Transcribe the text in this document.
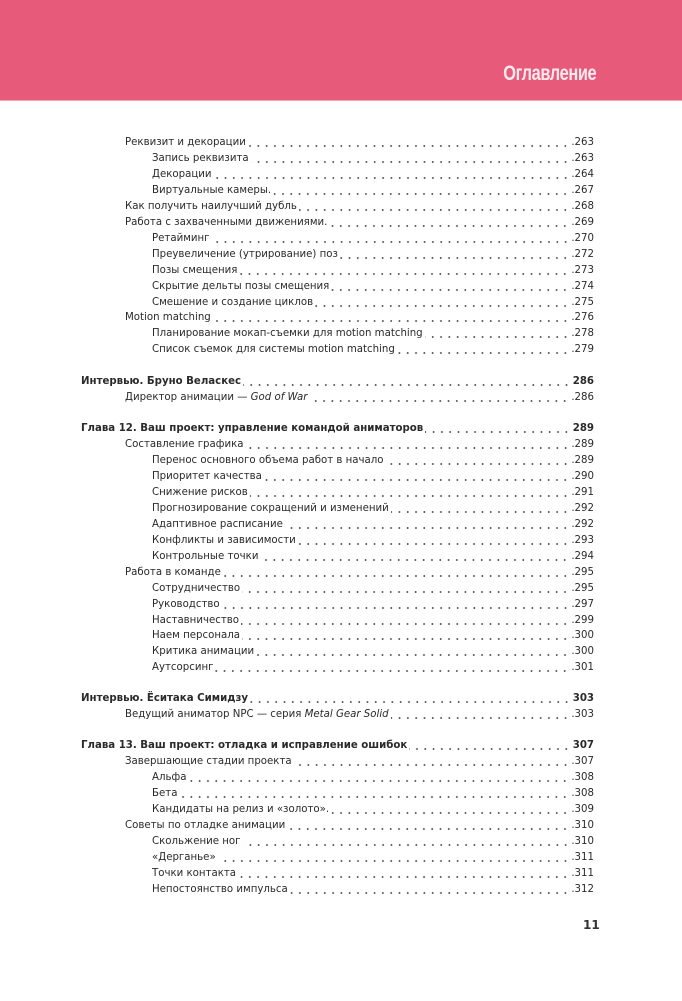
Оглавление
Реквизит и декорации	.263
Запись реквизита	.263
Декорации	.264
Виртуальные камеры.	.267
Как получить наилучший дубль	.268
Работа с захваченными движениями.	.269
Ретайминг	.270
Преувеличение (утрирование) поз	.272
Позы смещения	.273
Скрытие дельты позы смещения	.274
Смешение и создание циклов	.275
Motion matching	.276
Планирование мокап-съемки для motion matching	.278
Список съемок для системы motion matching	.279
Интервью. Бруно Веласкес	286
Директор анимации — God of War	.286
Глава 12. Ваш проект: управление командой аниматоров	289
Составление графика	.289
Перенос основного объема работ в начало	.289
Приоритет качества	.290
Снижение рисков	.291
Прогнозирование сокращений и изменений	.292
Адаптивное расписание	.292
Конфликты и зависимости	.293
Контрольные точки	.294
Работа в команде	.295
Сотрудничество	.295
Руководство	.297
Наставничество	.299
Наем персонала	.300
Критика анимации	.300
Аутсорсинг	.301
Интервью. Ёситака Симидзу	303
Ведущий аниматор NPC — серия Metal Gear Solid	.303
Глава 13. Ваш проект: отладка и исправление ошибок	307
Завершающие стадии проекта	.307
Альфа	.308
Бета	.308
Кандидаты на релиз и «золото».	.309
Советы по отладке анимации	.310
Скольжение ног	.310
«Дерганье»	.311
Точки контакта	.311
Непостоянство импульса	.312
11
